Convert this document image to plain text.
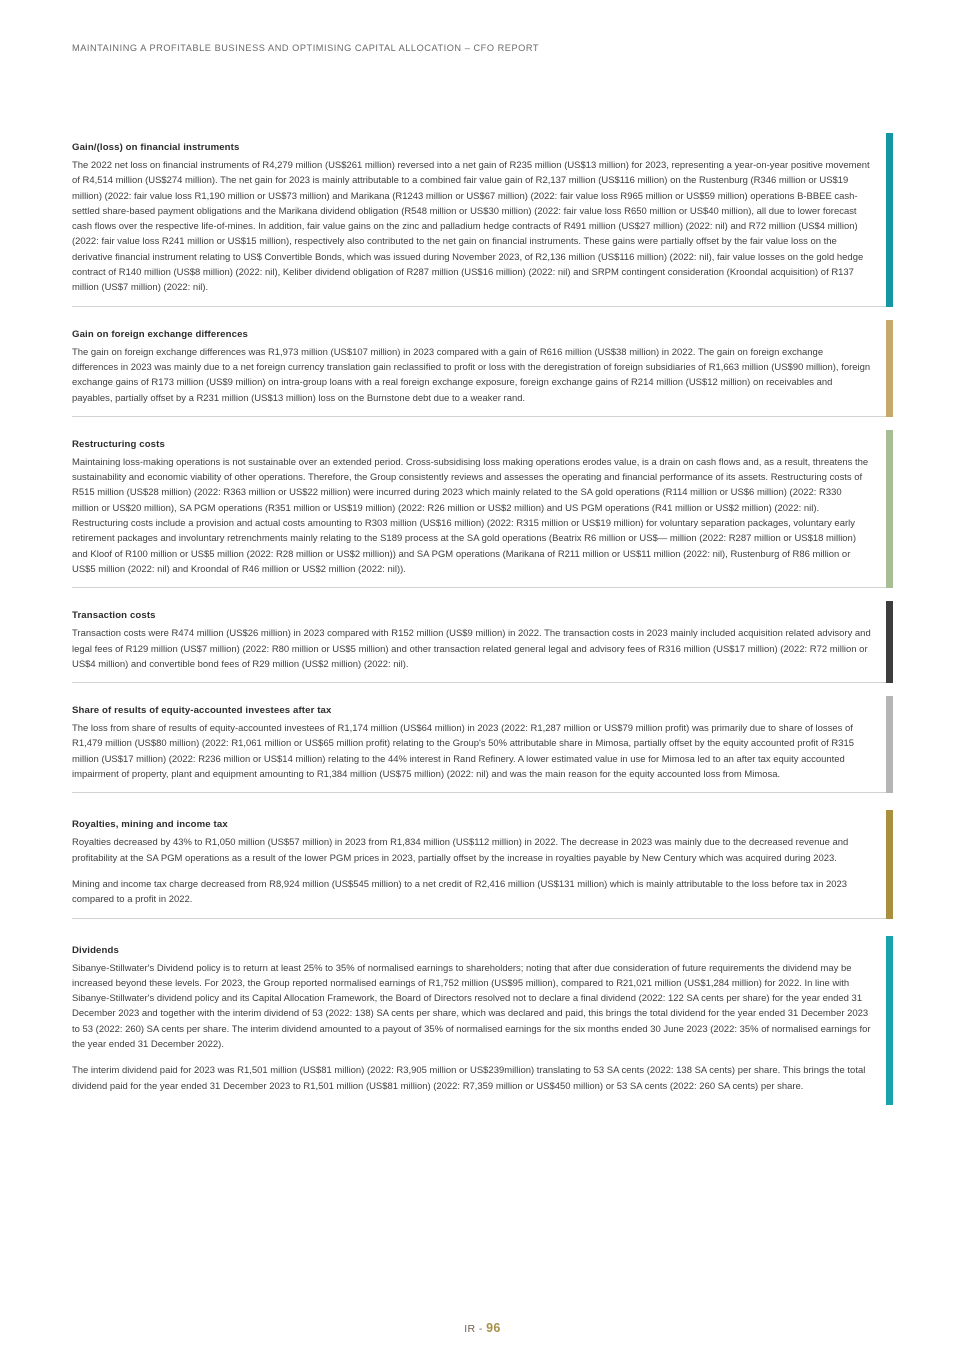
MAINTAINING A PROFITABLE BUSINESS AND OPTIMISING CAPITAL ALLOCATION – CFO REPORT
Gain/(loss) on financial instruments

The 2022 net loss on financial instruments of R4,279 million (US$261 million) reversed into a net gain of R235 million (US$13 million) for 2023, representing a year-on-year positive movement of R4,514 million (US$274 million). The net gain for 2023 is mainly attributable to a combined fair value gain of R2,137 million (US$116 million) on the Rustenburg (R346 million or US$19 million) (2022: fair value loss R1,190 million or US$73 million) and Marikana (R1243 million or US$67 million) (2022: fair value loss R965 million or US$59 million) operations B-BBEE cash-settled share-based payment obligations and the Marikana dividend obligation (R548 million or US$30 million) (2022: fair value loss R650 million or US$40 million), all due to lower forecast cash flows over the respective life-of-mines. In addition, fair value gains on the zinc and palladium hedge contracts of R491 million (US$27 million) (2022: nil) and R72 million (US$4 million) (2022: fair value loss R241 million or US$15 million), respectively also contributed to the net gain on financial instruments. These gains were partially offset by the fair value loss on the derivative financial instrument relating to US$ Convertible Bonds, which was issued during November 2023, of R2,136 million (US$116 million) (2022: nil), fair value losses on the gold hedge contract of R140 million (US$8 million) (2022: nil), Keliber dividend obligation of R287 million (US$16 million) (2022: nil) and SRPM contingent consideration (Kroondal acquisition) of R137 million (US$7 million) (2022: nil).

Gain on foreign exchange differences

The gain on foreign exchange differences was R1,973 million (US$107 million) in 2023 compared with a gain of R616 million (US$38 million) in 2022. The gain on foreign exchange differences in 2023 was mainly due to a net foreign currency translation gain reclassified to profit or loss with the deregistration of foreign subsidiaries of R1,663 million (US$90 million), foreign exchange gains of R173 million (US$9 million) on intra-group loans with a real foreign exchange exposure, foreign exchange gains of R214 million (US$12 million) on receivables and payables, partially offset by a R231 million (US$13 million) loss on the Burnstone debt due to a weaker rand.

Restructuring costs

Maintaining loss-making operations is not sustainable over an extended period. Cross-subsidising loss making operations erodes value, is a drain on cash flows and, as a result, threatens the sustainability and economic viability of other operations. Therefore, the Group consistently reviews and assesses the operating and financial performance of its assets. Restructuring costs of R515 million (US$28 million) (2022: R363 million or US$22 million) were incurred during 2023 which mainly related to the SA gold operations (R114 million or US$6 million) (2022: R330 million or US$20 million), SA PGM operations (R351 million or US$19 million) (2022: R26 million or US$2 million) and US PGM operations (R41 million or US$2 million) (2022: nil). Restructuring costs include a provision and actual costs amounting to R303 million (US$16 million) (2022: R315 million or US$19 million) for voluntary separation packages, voluntary early retirement packages and involuntary retrenchments mainly relating to the S189 process at the SA gold operations (Beatrix R6 million or US$— million (2022: R287 million or US$18 million) and Kloof of R100 million or US$5 million (2022: R28 million or US$2 million)) and SA PGM operations (Marikana of R211 million or US$11 million (2022: nil), Rustenburg of R86 million or US$5 million (2022: nil) and Kroondal of R46 million or US$2 million (2022: nil)).

Transaction costs

Transaction costs were R474 million (US$26 million) in 2023 compared with R152 million (US$9 million) in 2022. The transaction costs in 2023 mainly included acquisition related advisory and legal fees of R129 million (US$7 million) (2022: R80 million or US$5 million) and other transaction related general legal and advisory fees of R316 million (US$17 million) (2022: R72 million or US$4 million) and convertible bond fees of R29 million (US$2 million) (2022: nil).

Share of results of equity-accounted investees after tax

The loss from share of results of equity-accounted investees of R1,174 million (US$64 million) in 2023 (2022: R1,287 million or US$79 million profit) was primarily due to share of losses of R1,479 million (US$80 million) (2022: R1,061 million or US$65 million profit) relating to the Group's 50% attributable share in Mimosa, partially offset by the equity accounted profit of R315 million (US$17 million) (2022: R236 million or US$14 million) relating to the 44% interest in Rand Refinery. A lower estimated value in use for Mimosa led to an after tax equity accounted impairment of property, plant and equipment amounting to R1,384 million (US$75 million) (2022: nil) and was the main reason for the equity accounted loss from Mimosa.

Royalties, mining and income tax

Royalties decreased by 43% to R1,050 million (US$57 million) in 2023 from R1,834 million (US$112 million) in 2022. The decrease in 2023 was mainly due to the decreased revenue and profitability at the SA PGM operations as a result of the lower PGM prices in 2023, partially offset by the increase in royalties payable by New Century which was acquired during 2023.

Mining and income tax charge decreased from R8,924 million (US$545 million) to a net credit of R2,416 million (US$131 million) which is mainly attributable to the loss before tax in 2023 compared to a profit in 2022.

Dividends

Sibanye-Stillwater's Dividend policy is to return at least 25% to 35% of normalised earnings to shareholders; noting that after due consideration of future requirements the dividend may be increased beyond these levels. For 2023, the Group reported normalised earnings of R1,752 million (US$95 million), compared to R21,021 million (US$1,284 million) for 2022. In line with Sibanye-Stillwater's dividend policy and its Capital Allocation Framework, the Board of Directors resolved not to declare a final dividend (2022: 122 SA cents per share) for the year ended 31 December 2023 and together with the interim dividend of 53 (2022: 138) SA cents per share, which was declared and paid, this brings the total dividend for the year ended 31 December 2023 to 53 (2022: 260) SA cents per share. The interim dividend amounted to a payout of 35% of normalised earnings for the six months ended 30 June 2023 (2022: 35% of normalised earnings for the year ended 31 December 2022).

The interim dividend paid for 2023 was R1,501 million (US$81 million) (2022: R3,905 million or US$239million) translating to 53 SA cents (2022: 138 SA cents) per share. This brings the total dividend paid for the year ended 31 December 2023 to R1,501 million (US$81 million) (2022: R7,359 million or US$450 million) or 53 SA cents (2022: 260 SA cents) per share.

IR - 96
